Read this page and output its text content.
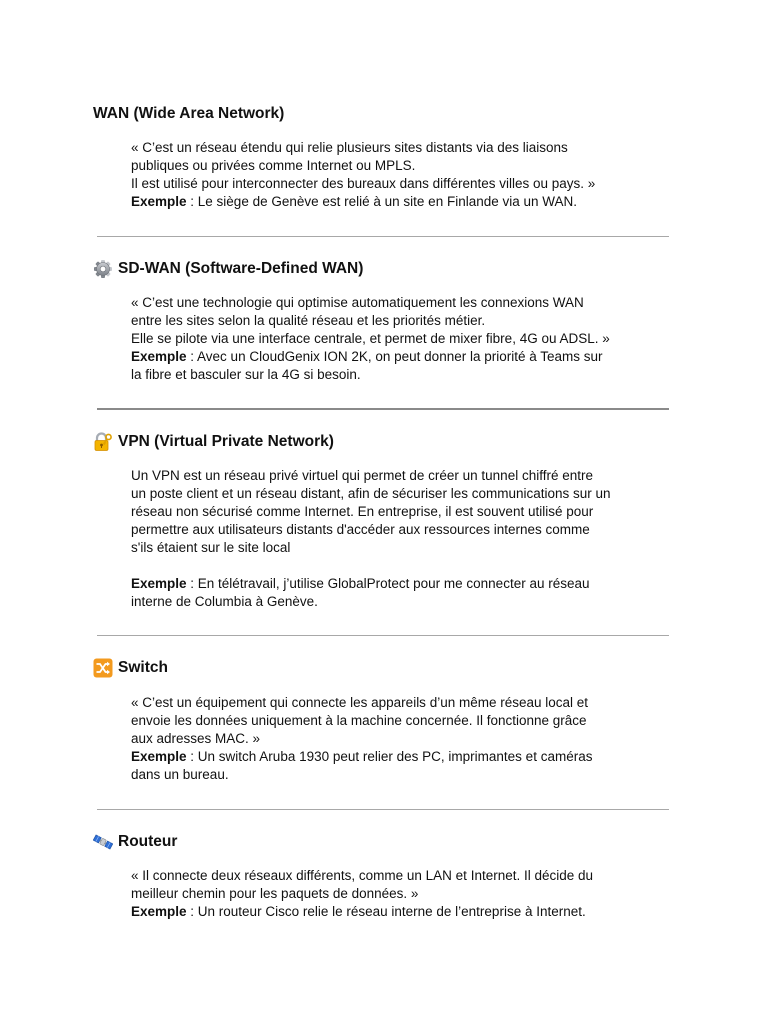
WAN (Wide Area Network)
« C’est un réseau étendu qui relie plusieurs sites distants via des liaisons
publiques ou privées comme Internet ou MPLS.
Il est utilisé pour interconnecter des bureaux dans différentes villes ou pays. »
Exemple : Le siège de Genève est relié à un site en Finlande via un WAN.
SD-WAN (Software-Defined WAN)
« C’est une technologie qui optimise automatiquement les connexions WAN
entre les sites selon la qualité réseau et les priorités métier.
Elle se pilote via une interface centrale, et permet de mixer fibre, 4G ou ADSL. »
Exemple : Avec un CloudGenix ION 2K, on peut donner la priorité à Teams sur
la fibre et basculer sur la 4G si besoin.
VPN (Virtual Private Network)
Un VPN est un réseau privé virtuel qui permet de créer un tunnel chiffré entre
un poste client et un réseau distant, afin de sécuriser les communications sur un
réseau non sécurisé comme Internet. En entreprise, il est souvent utilisé pour
permettre aux utilisateurs distants d'accéder aux ressources internes comme
s'ils étaient sur le site local
Exemple : En télétravail, j’utilise GlobalProtect pour me connecter au réseau
interne de Columbia à Genève.
Switch
« C’est un équipement qui connecte les appareils d’un même réseau local et
envoie les données uniquement à la machine concernée. Il fonctionne grâce
aux adresses MAC. »
Exemple : Un switch Aruba 1930 peut relier des PC, imprimantes et caméras
dans un bureau.
Routeur
« Il connecte deux réseaux différents, comme un LAN et Internet. Il décide du
meilleur chemin pour les paquets de données. »
Exemple : Un routeur Cisco relie le réseau interne de l’entreprise à Internet.
